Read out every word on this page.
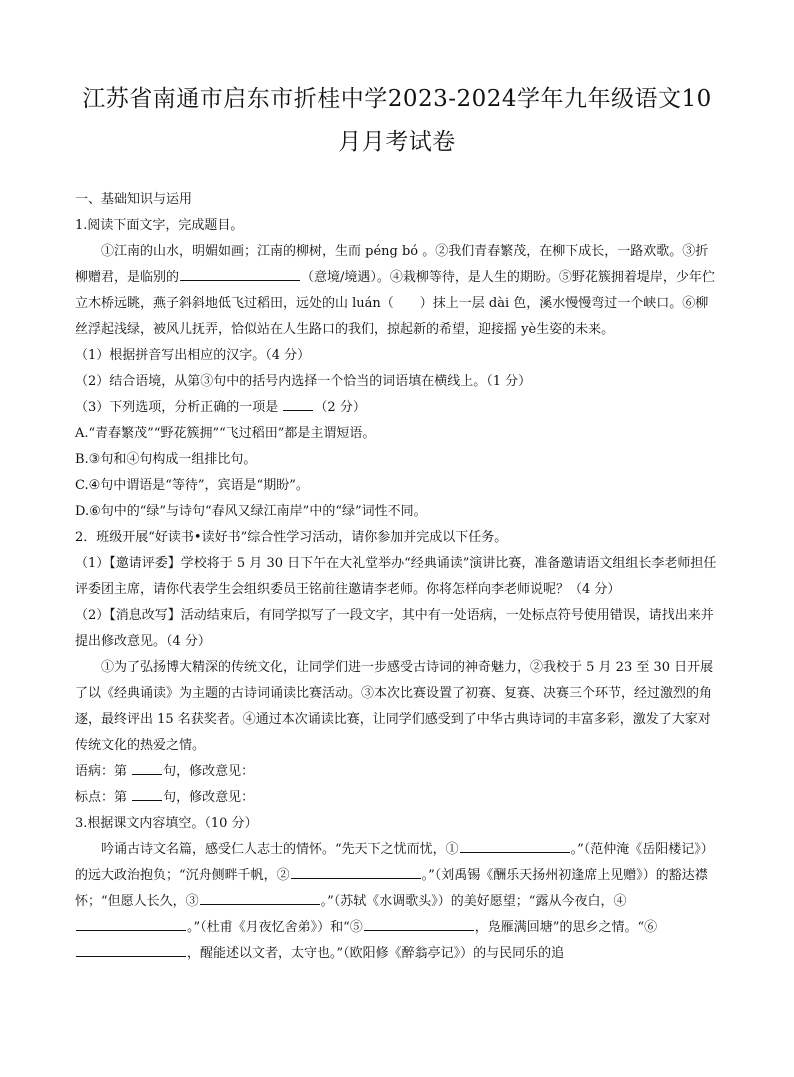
江苏省南通市启东市折桂中学2023-2024学年九年级语文10
月月考试卷

一、基础知识与运用

1.阅读下面文字，完成题目。

①江南的山水，明媚如画；江南的柳树，生而 péng bó 。②我们青春繁茂，在柳下成长，一路欢歌。③折柳赠君，是临别的	（意境/境遇）。④栽柳等待，是人生的期盼。⑤野花簇拥着堤岸，少年伫立木桥远眺，燕子斜斜地低飞过稻田，远处的山 luán（　　）抹上一层 dài 色，溪水慢慢弯过一个峡口。⑥柳丝浮起浅绿，被风儿抚弄，恰似站在人生路口的我们，掠起新的希望，迎接摇 yè生姿的未来。

（1）根据拼音写出相应的汉字。（4 分）

（2）结合语境，从第③句中的括号内选择一个恰当的词语填在横线上。（1 分）

（3）下列选项，分析正确的一项是	（2 分）

A.“青春繁茂”“野花簇拥”“飞过稻田”都是主谓短语。

B.③句和④句构成一组排比句。

C.④句中谓语是“等待”，宾语是“期盼”。

D.⑥句中的“绿”与诗句“春风又绿江南岸”中的“绿”词性不同。

2．班级开展“好读书•读好书”综合性学习活动，请你参加并完成以下任务。

（1）【邀请评委】学校将于 5 月 30 日下午在大礼堂举办“经典诵读”演讲比赛，准备邀请语文组组长李老师担任评委团主席，请你代表学生会组织委员王铭前往邀请李老师。你将怎样向李老师说呢？（4 分）

（2）【消息改写】活动结束后，有同学拟写了一段文字，其中有一处语病，一处标点符号使用错误，请找出来并提出修改意见。（4 分）

①为了弘扬博大精深的传统文化，让同学们进一步感受古诗词的神奇魅力，②我校于 5 月 23 至 30 日开展了以《经典诵读》为主题的古诗词诵读比赛活动。③本次比赛设置了初赛、复赛、决赛三个环节，经过激烈的角逐，最终评出 15 名获奖者。④通过本次诵读比赛，让同学们感受到了中华古典诗词的丰富多彩，激发了大家对传统文化的热爱之情。

语病：第	句，修改意见：

标点：第	句，修改意见：

3.根据课文内容填空。（10 分）

吟诵古诗文名篇，感受仁人志士的情怀。“先天下之忧而忧，①	。”（范仲淹《岳阳楼记》）的远大政治抱负；“沉舟侧畔千帆，②	。”（刘禹锡《酬乐天扬州初逢席上见赠》）的豁达襟怀；“但愿人长久，③	。”（苏轼《水调歌头》）的美好愿望；“露从今夜白，④。”（杜甫《月夜忆舍弟》）和“⑤	，凫雁满回塘”的思乡之情。“⑥，醒能述以文者，太守也。”（欧阳修《醉翁亭记》）的与民同乐的追
